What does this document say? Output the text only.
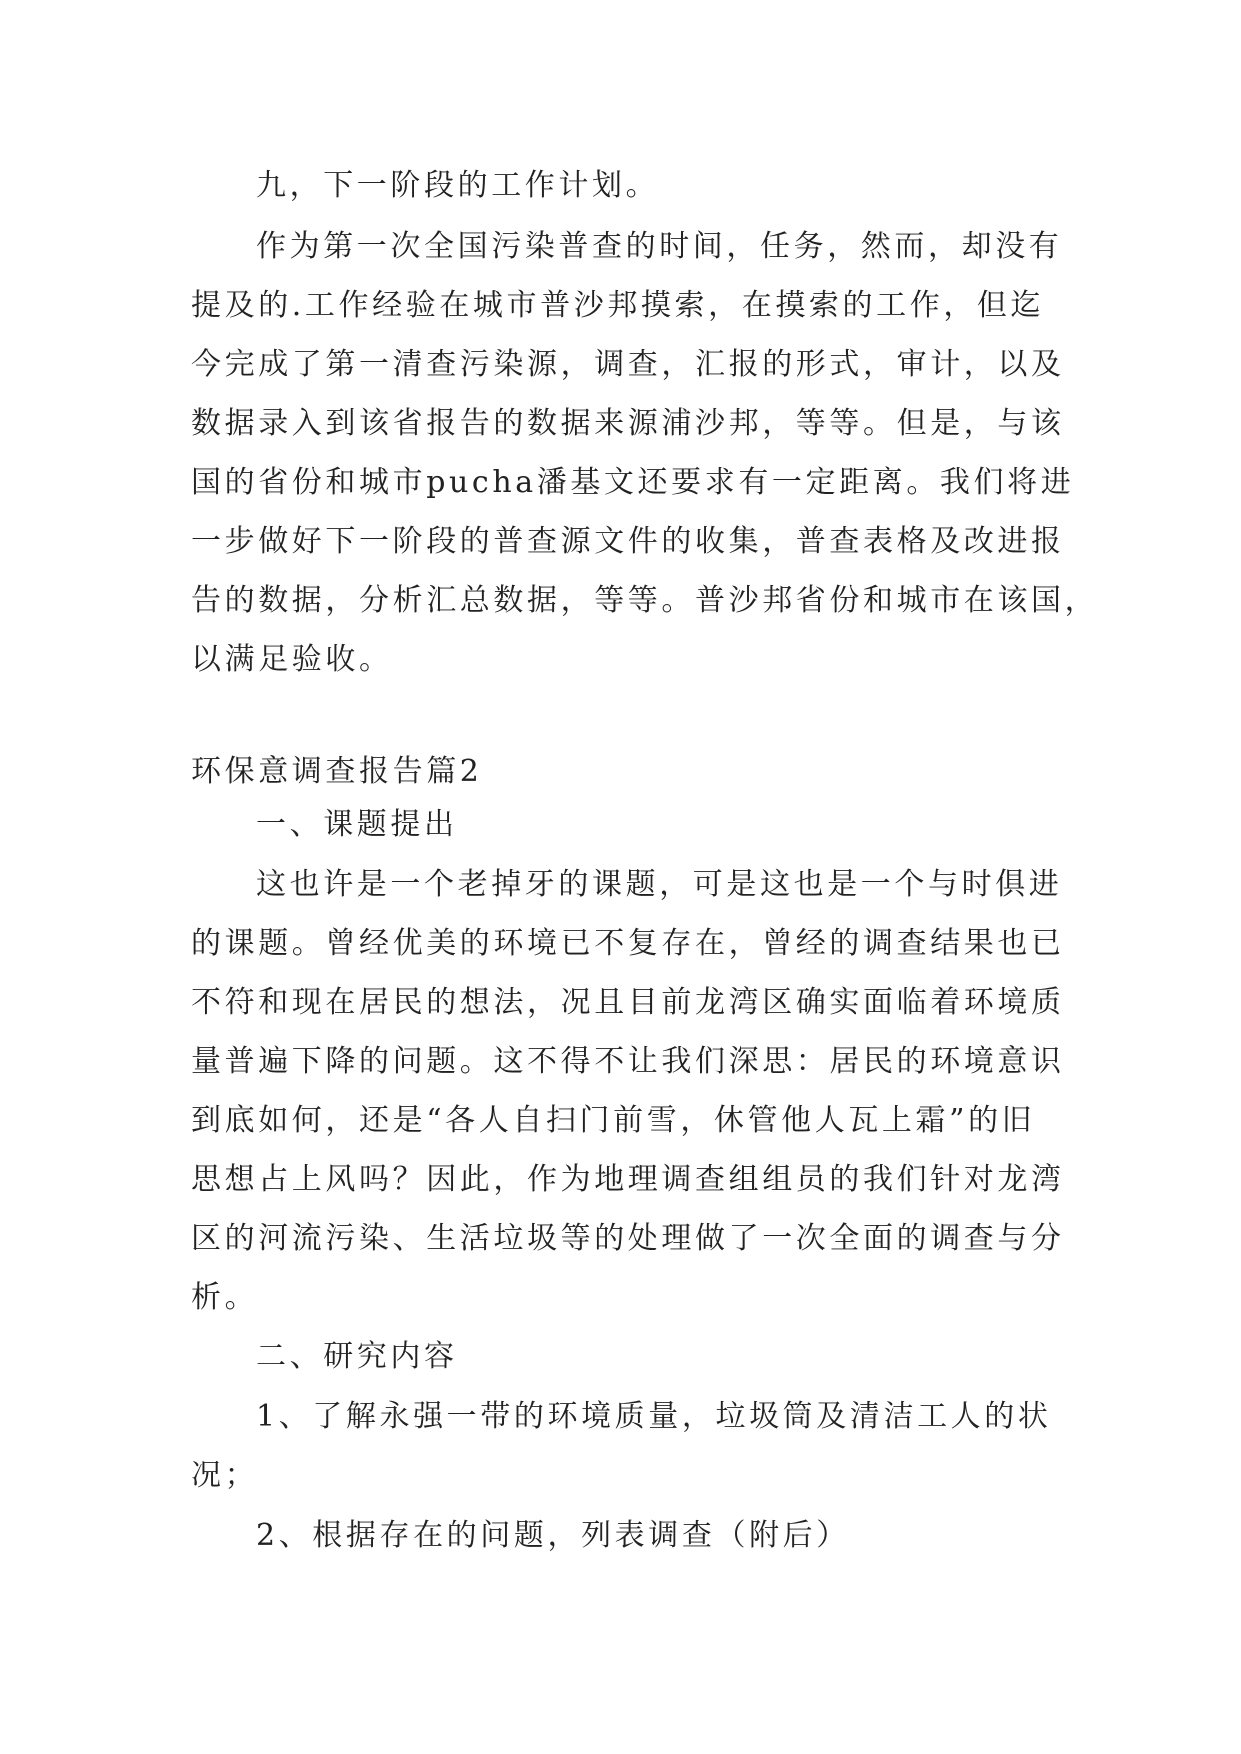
九，下一阶段的工作计划。
作为第一次全国污染普查的时间，任务，然而，却没有
提及的.工作经验在城市普沙邦摸索，在摸索的工作，但迄
今完成了第一清查污染源，调查，汇报的形式，审计，以及
数据录入到该省报告的数据来源浦沙邦，等等。但是，与该
国的省份和城市pucha潘基文还要求有一定距离。我们将进
一步做好下一阶段的普查源文件的收集，普查表格及改进报
告的数据，分析汇总数据，等等。普沙邦省份和城市在该国，
以满足验收。
环保意调查报告篇2
一、课题提出
这也许是一个老掉牙的课题，可是这也是一个与时俱进
的课题。曾经优美的环境已不复存在，曾经的调查结果也已
不符和现在居民的想法，况且目前龙湾区确实面临着环境质
量普遍下降的问题。这不得不让我们深思：居民的环境意识
到底如何，还是“各人自扫门前雪，休管他人瓦上霜”的旧
思想占上风吗？因此，作为地理调查组组员的我们针对龙湾
区的河流污染、生活垃圾等的处理做了一次全面的调查与分
析。
二、研究内容
1、了解永强一带的环境质量，垃圾筒及清洁工人的状
况；
2、根据存在的问题，列表调查（附后）
